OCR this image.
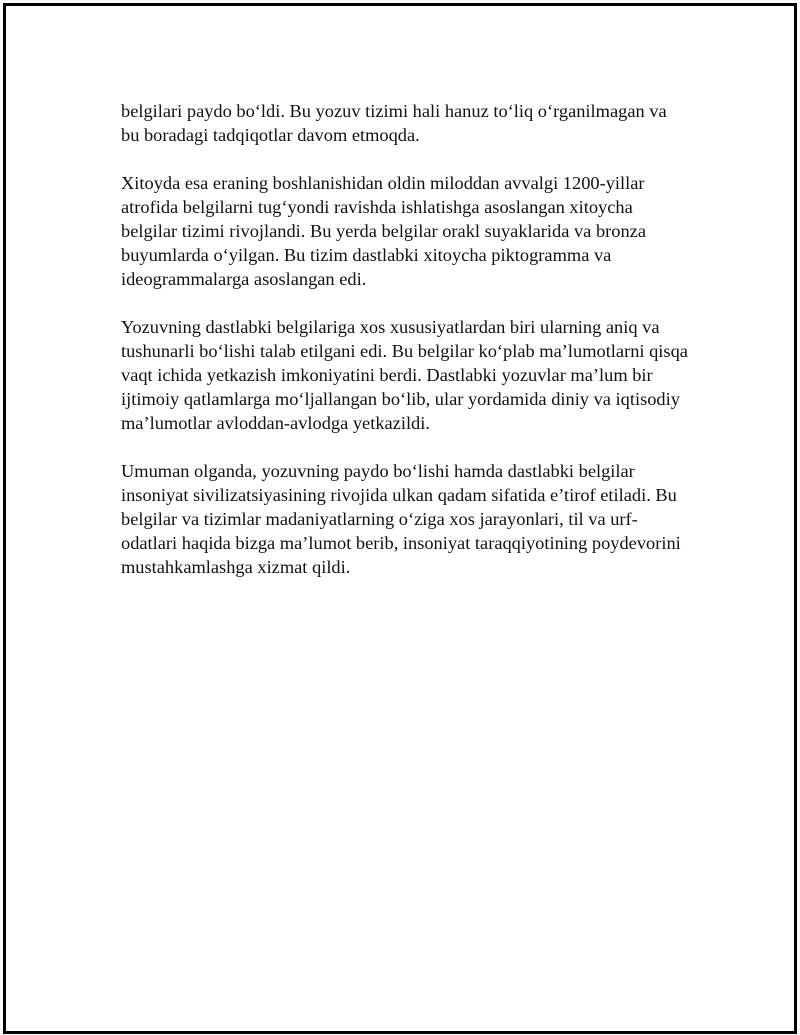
belgilari paydo bo‘ldi. Bu yozuv tizimi hali hanuz to‘liq o‘rganilmagan va
bu boradagi tadqiqotlar davom etmoqda.

Xitoyda esa eraning boshlanishidan oldin miloddan avvalgi 1200-yillar
atrofida belgilarni tug‘yondi ravishda ishlatishga asoslangan xitoycha
belgilar tizimi rivojlandi. Bu yerda belgilar orakl suyaklarida va bronza
buyumlarda o‘yilgan. Bu tizim dastlabki xitoycha piktogramma va
ideogrammalarga asoslangan edi.

Yozuvning dastlabki belgilariga xos xususiyatlardan biri ularning aniq va
tushunarli bo‘lishi talab etilgani edi. Bu belgilar ko‘plab ma’lumotlarni qisqa
vaqt ichida yetkazish imkoniyatini berdi. Dastlabki yozuvlar ma’lum bir
ijtimoiy qatlamlarga mo‘ljallangan bo‘lib, ular yordamida diniy va iqtisodiy
ma’lumotlar avloddan-avlodga yetkazildi.

Umuman olganda, yozuvning paydo bo‘lishi hamda dastlabki belgilar
insoniyat sivilizatsiyasining rivojida ulkan qadam sifatida e’tirof etiladi. Bu
belgilar va tizimlar madaniyatlarning o‘ziga xos jarayonlari, til va urf-
odatlari haqida bizga ma’lumot berib, insoniyat taraqqiyotining poydevorini
mustahkamlashga xizmat qildi.
